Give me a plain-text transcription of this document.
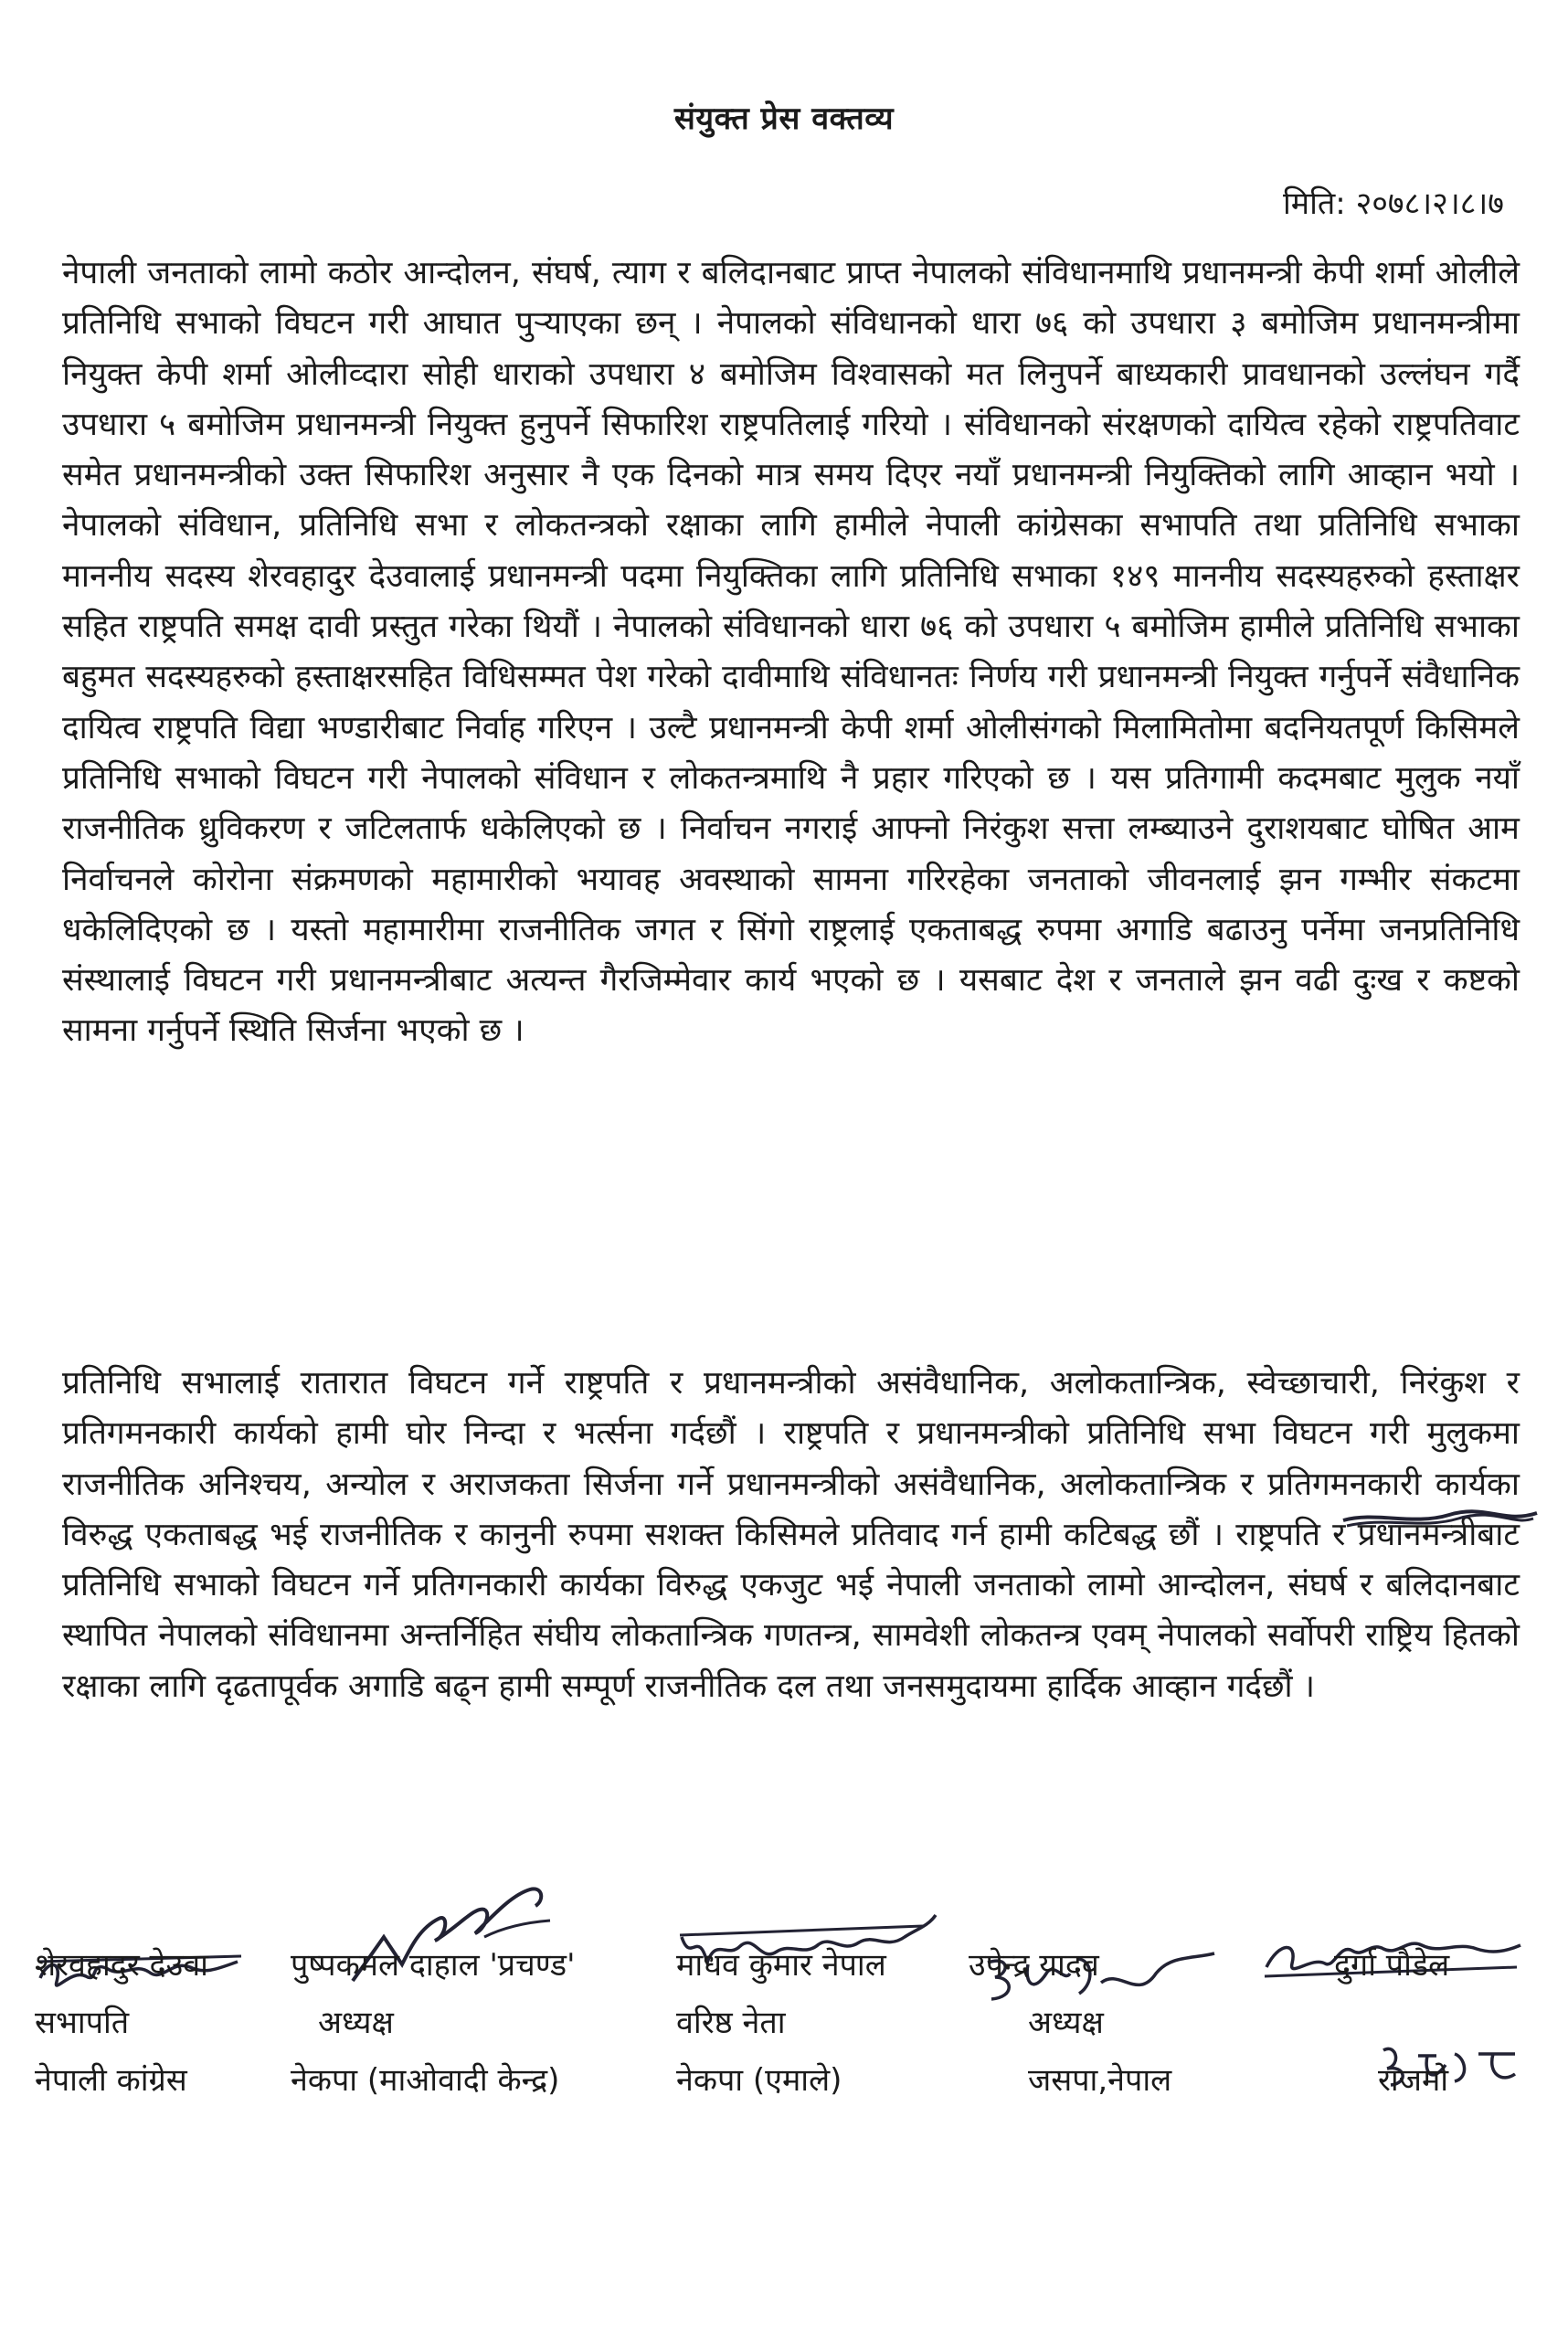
संयुक्त प्रेस वक्तव्य
मिति: २०७८।२।८।७
नेपाली जनताको लामो कठोर आन्दोलन, संघर्ष, त्याग र बलिदानबाट प्राप्त नेपालको संविधानमाथि प्रधानमन्त्री केपी शर्मा ओलीले प्रतिनिधि सभाको विघटन गरी आघात पुर्‍याएका छन् । नेपालको संविधानको धारा ७६ को उपधारा ३ बमोजिम प्रधानमन्त्रीमा नियुक्त केपी शर्मा ओलीव्दारा सोही धाराको उपधारा ४ बमोजिम विश्वासको मत लिनुपर्ने बाध्यकारी प्रावधानको उल्लंघन गर्दै उपधारा ५ बमोजिम प्रधानमन्त्री नियुक्त हुनुपर्ने सिफारिश राष्ट्रपतिलाई गरियो । संविधानको संरक्षणको दायित्व रहेको राष्ट्रपतिवाट समेत प्रधानमन्त्रीको उक्त सिफारिश अनुसार नै एक दिनको मात्र समय दिएर नयाँ प्रधानमन्त्री नियुक्तिको लागि आव्हान भयो । नेपालको संविधान, प्रतिनिधि सभा र लोकतन्त्रको रक्षाका लागि हामीले नेपाली कांग्रेसका सभापति तथा प्रतिनिधि सभाका माननीय सदस्य शेरवहादुर देउवालाई प्रधानमन्त्री पदमा नियुक्तिका लागि प्रतिनिधि सभाका १४९ माननीय सदस्यहरुको हस्ताक्षर सहित राष्ट्रपति समक्ष दावी प्रस्तुत गरेका थियौं । नेपालको संविधानको धारा ७६ को उपधारा ५ बमोजिम हामीले प्रतिनिधि सभाका बहुमत सदस्यहरुको हस्ताक्षरसहित विधिसम्मत पेश गरेको दावीमाथि संविधानतः निर्णय गरी प्रधानमन्त्री नियुक्त गर्नुपर्ने संवैधानिक दायित्व राष्ट्रपति विद्या भण्डारीबाट निर्वाह गरिएन । उल्टै प्रधानमन्त्री केपी शर्मा ओलीसंगको मिलामितोमा बदनियतपूर्ण किसिमले प्रतिनिधि सभाको विघटन गरी नेपालको संविधान र लोकतन्त्रमाथि नै प्रहार गरिएको छ । यस प्रतिगामी कदमबाट मुलुक नयाँ राजनीतिक ध्रुविकरण र जटिलतार्फ धकेलिएको छ । निर्वाचन नगराई आफ्नो निरंकुश सत्ता लम्ब्याउने दुराशयबाट घोषित आम निर्वाचनले कोरोना संक्रमणको महामारीको भयावह अवस्थाको सामना गरिरहेका जनताको जीवनलाई झन गम्भीर संकटमा धकेलिदिएको छ । यस्तो महामारीमा राजनीतिक जगत र सिंगो राष्ट्रलाई एकताबद्ध रुपमा अगाडि बढाउनु पर्नेमा जनप्रतिनिधि संस्थालाई विघटन गरी प्रधानमन्त्रीबाट अत्यन्त गैरजिम्मेवार कार्य भएको छ । यसबाट देश र जनताले झन वढी दुःख र कष्टको सामना गर्नुपर्ने स्थिति सिर्जना भएको छ ।
प्रतिनिधि सभालाई रातारात विघटन गर्ने राष्ट्रपति र प्रधानमन्त्रीको असंवैधानिक, अलोकतान्त्रिक, स्वेच्छाचारी, निरंकुश र प्रतिगमनकारी कार्यको हामी घोर निन्दा र भर्त्सना गर्दछौं । राष्ट्रपति र प्रधानमन्त्रीको प्रतिनिधि सभा विघटन गरी मुलुकमा राजनीतिक अनिश्चय, अन्योल र अराजकता सिर्जना गर्ने प्रधानमन्त्रीको असंवैधानिक, अलोकतान्त्रिक र प्रतिगमनकारी कार्यका विरुद्ध एकताबद्ध भई राजनीतिक र कानुनी रुपमा सशक्त किसिमले प्रतिवाद गर्न हामी कटिबद्ध छौं । राष्ट्रपति र प्रधानमन्त्रीबाट प्रतिनिधि सभाको विघटन गर्ने प्रतिगनकारी कार्यका विरुद्ध एकजुट भई नेपाली जनताको लामो आन्दोलन, संघर्ष र बलिदानबाट स्थापित नेपालको संविधानमा अन्तर्निहित संघीय लोकतान्त्रिक गणतन्त्र, सामवेशी लोकतन्त्र एवम् नेपालको सर्वोपरी राष्ट्रिय हितको रक्षाका लागि दृढतापूर्वक अगाडि बढ्न हामी सम्पूर्ण राजनीतिक दल तथा जनसमुदायमा हार्दिक आव्हान गर्दछौं ।
शेरवहादुर देउवा
सभापति
नेपाली कांग्रेस
पुष्पकमल दाहाल 'प्रचण्ड'
अध्यक्ष
नेकपा (माओवादी केन्द्र)
माधव कुमार नेपाल
वरिष्ठ नेता
नेकपा (एमाले)
उपेन्द्र यादव
अध्यक्ष
जसपा,नेपाल
दुर्गा पौडेल
राजमो
